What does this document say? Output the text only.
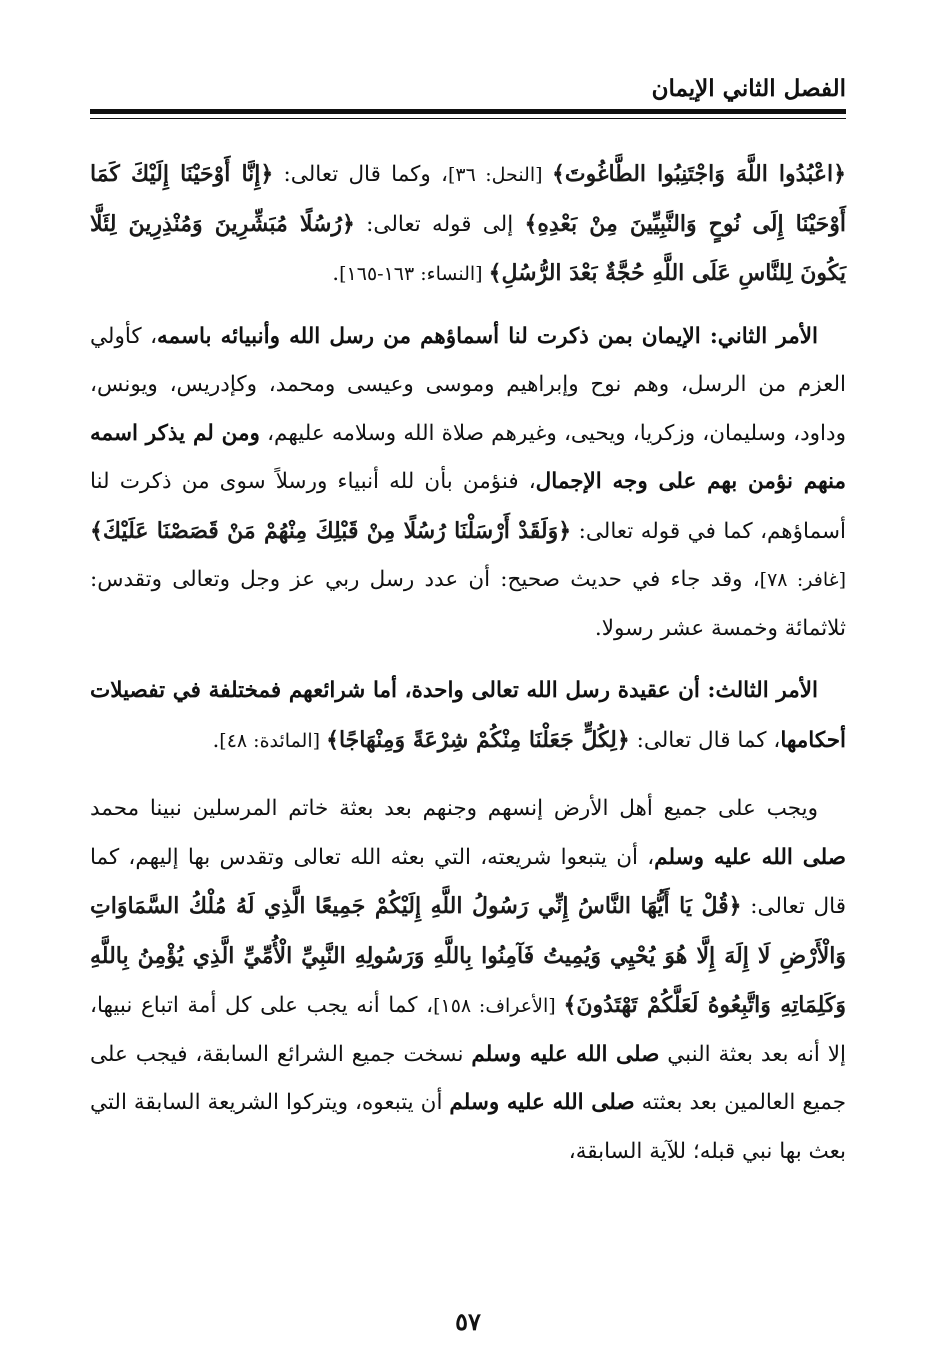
الفصل الثاني الإيمان

﴿اعْبُدُوا اللَّهَ وَاجْتَنِبُوا الطَّاغُوتَ﴾ [النحل: ٣٦]، وكما قال تعالى: ﴿إِنَّا أَوْحَيْنَا إِلَيْكَ كَمَا أَوْحَيْنَا إِلَى نُوحٍ وَالنَّبِيِّينَ مِنْ بَعْدِهِ﴾ إلى قوله تعالى: ﴿رُسُلًا مُبَشِّرِينَ وَمُنْذِرِينَ لِئَلَّا يَكُونَ لِلنَّاسِ عَلَى اللَّهِ حُجَّةٌ بَعْدَ الرُّسُلِ﴾ [النساء: ١٦٣-١٦٥].

الأمر الثاني: الإيمان بمن ذكرت لنا أسماؤهم من رسل الله وأنبيائه باسمه، كأولي العزم من الرسل، وهم نوح وإبراهيم وموسى وعيسى ومحمد، وكإدريس، ويونس، وداود، وسليمان، وزكريا، ويحيى، وغيرهم صلاة الله وسلامه عليهم، ومن لم يذكر اسمه منهم نؤمن بهم على وجه الإجمال، فنؤمن بأن لله أنبياء ورسلاً سوى من ذكرت لنا أسماؤهم، كما في قوله تعالى: ﴿وَلَقَدْ أَرْسَلْنَا رُسُلًا مِنْ قَبْلِكَ مِنْهُمْ مَنْ قَصَصْنَا عَلَيْكَ﴾ [غافر: ٧٨]، وقد جاء في حديث صحيح: أن عدد رسل ربي عز وجل وتعالى وتقدس: ثلاثمائة وخمسة عشر رسولا.

الأمر الثالث: أن عقيدة رسل الله تعالى واحدة، أما شرائعهم فمختلفة في تفصيلات أحكامها، كما قال تعالى: ﴿لِكُلٍّ جَعَلْنَا مِنْكُمْ شِرْعَةً وَمِنْهَاجًا﴾ [المائدة: ٤٨].

ويجب على جميع أهل الأرض إنسهم وجنهم بعد بعثة خاتم المرسلين نبينا محمد صلى الله عليه وسلم، أن يتبعوا شريعته، التي بعثه الله تعالى وتقدس بها إليهم، كما قال تعالى: ﴿قُلْ يَا أَيُّهَا النَّاسُ إِنِّي رَسُولُ اللَّهِ إِلَيْكُمْ جَمِيعًا الَّذِي لَهُ مُلْكُ السَّمَاوَاتِ وَالْأَرْضِ لَا إِلَهَ إِلَّا هُوَ يُحْيِي وَيُمِيتُ فَآمِنُوا بِاللَّهِ وَرَسُولِهِ النَّبِيِّ الْأُمِّيِّ الَّذِي يُؤْمِنُ بِاللَّهِ وَكَلِمَاتِهِ وَاتَّبِعُوهُ لَعَلَّكُمْ تَهْتَدُونَ﴾ [الأعراف: ١٥٨]، كما أنه يجب على كل أمة اتباع نبيها، إلا أنه بعد بعثة النبي صلى الله عليه وسلم نسخت جميع الشرائع السابقة، فيجب على جميع العالمين بعد بعثته صلى الله عليه وسلم أن يتبعوه، ويتركوا الشريعة السابقة التي بعث بها نبي قبله؛ للآية السابقة،

٥٧
